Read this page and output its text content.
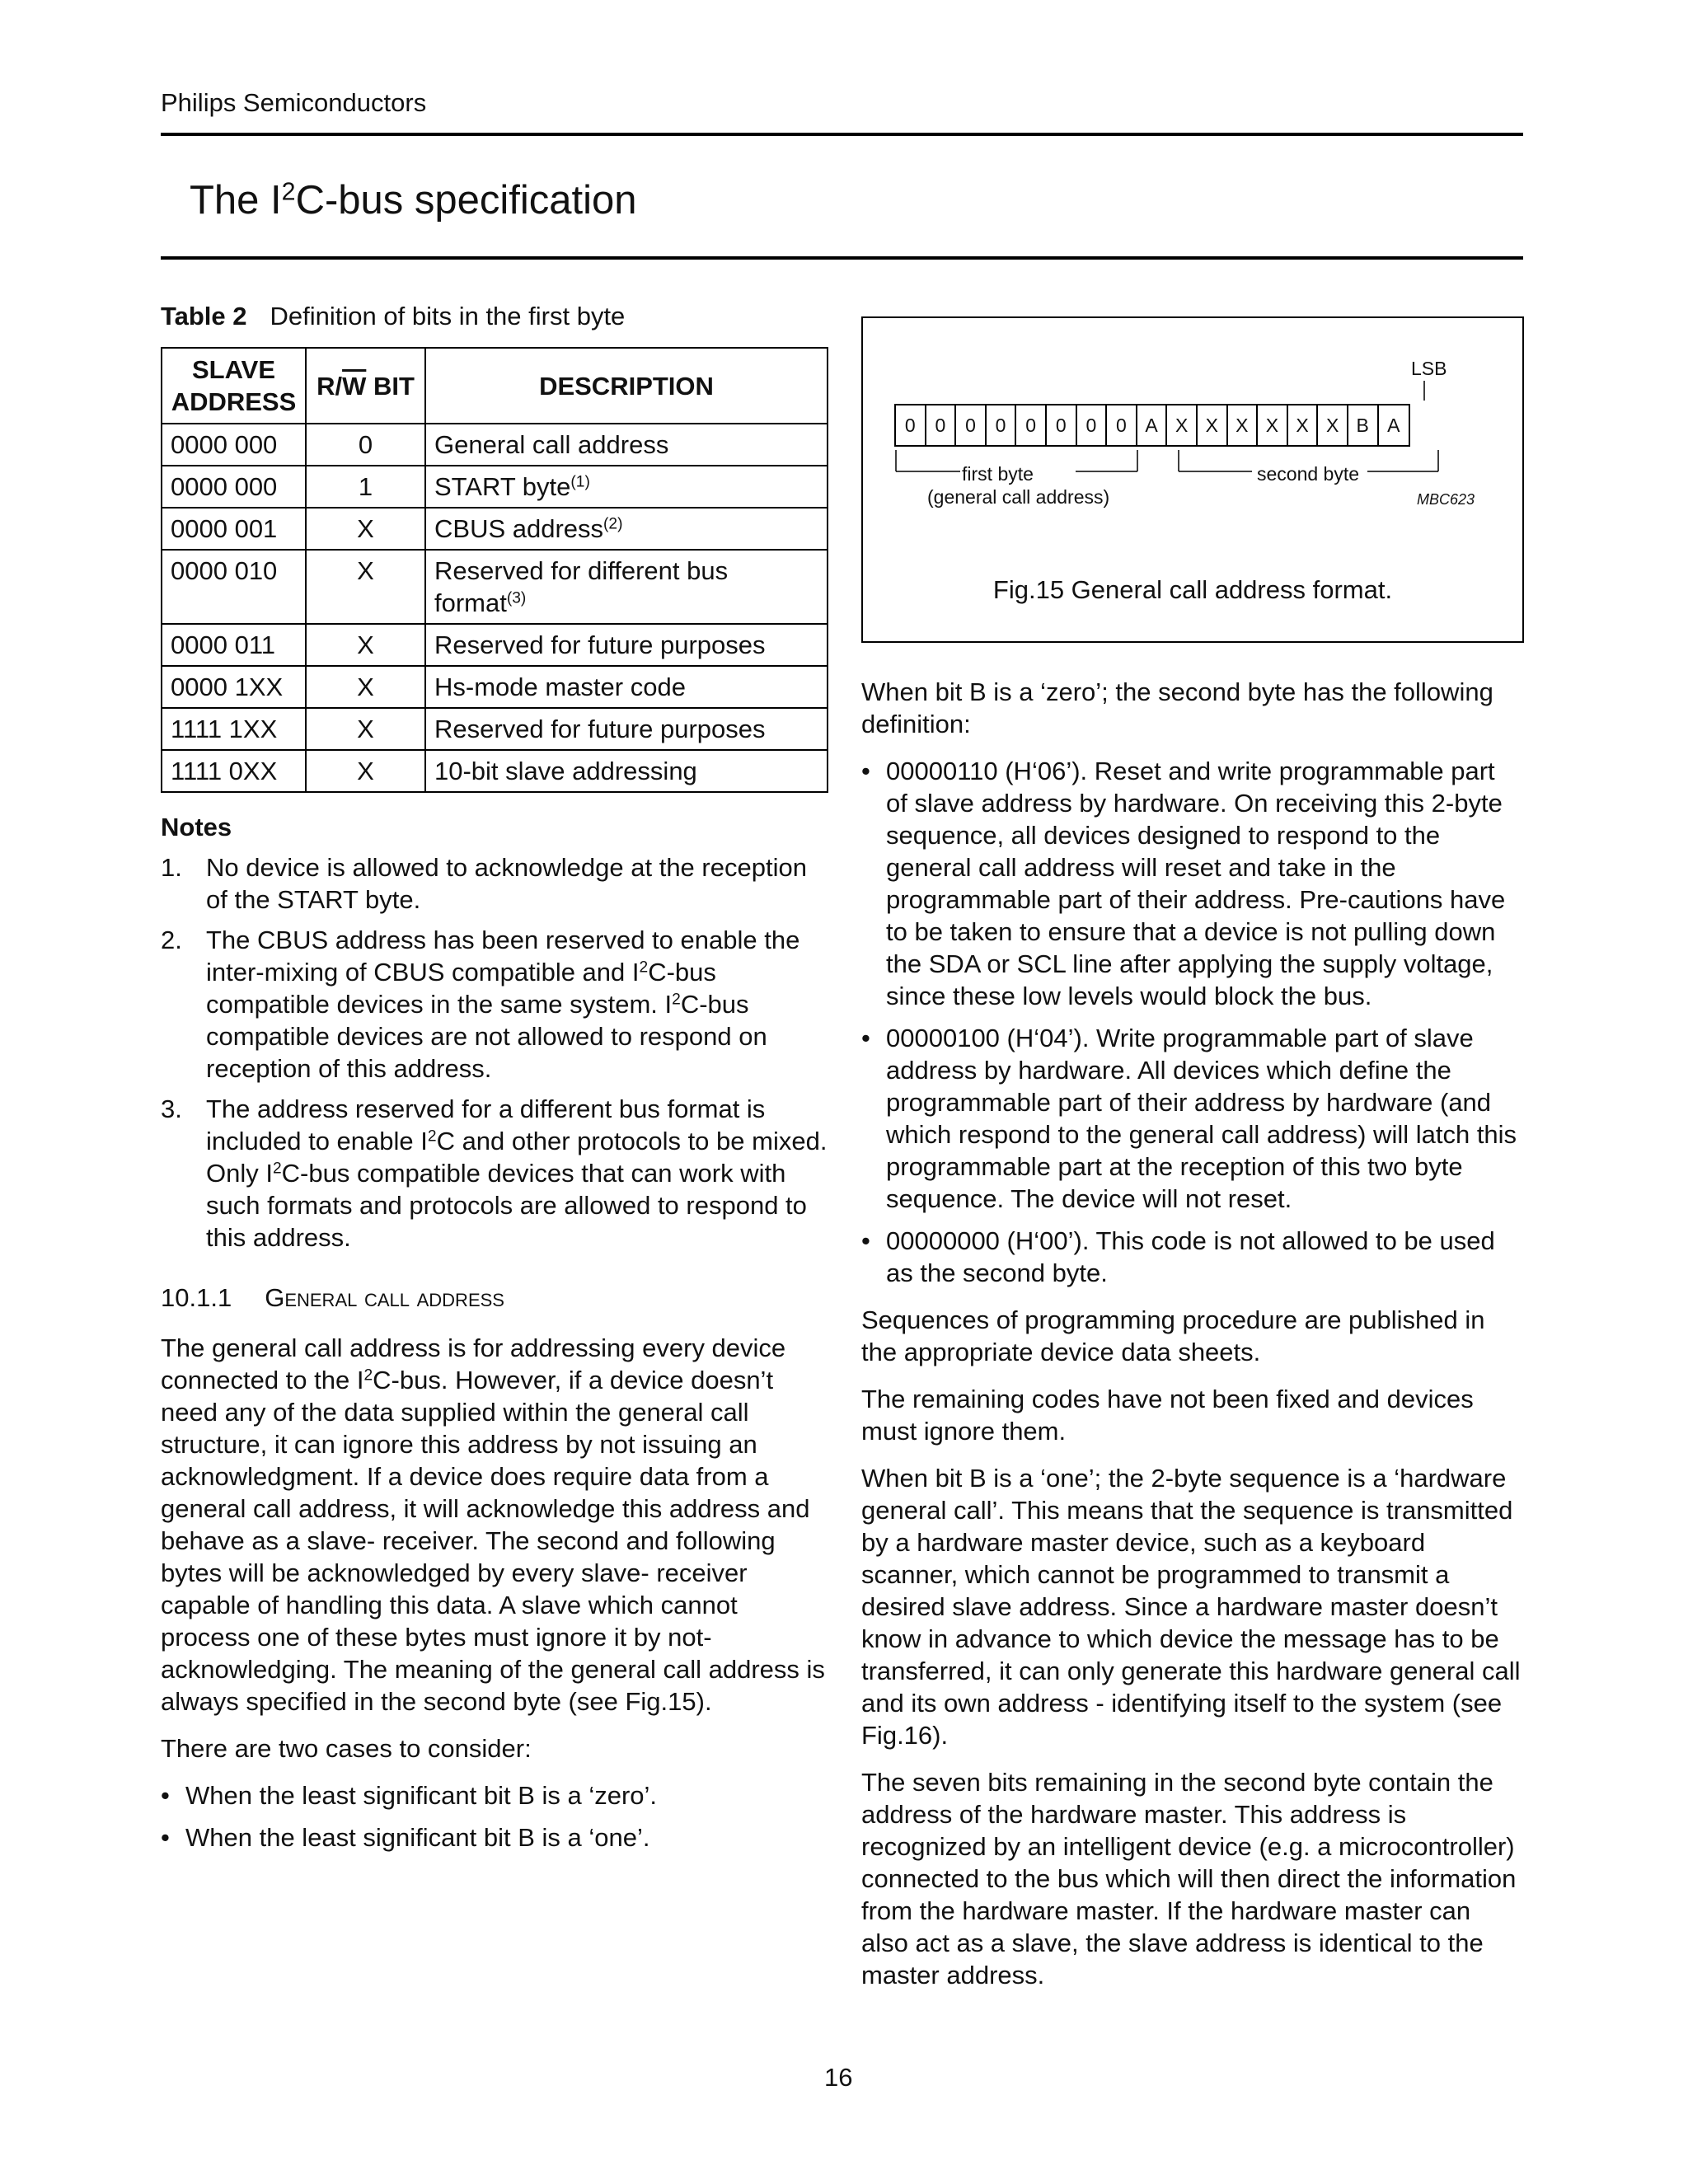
Philips Semiconductors
The $I^2C$-bus specification
Table 2 Definition of bits in the first byte
SLAVE
ADDRESS	$R/\overline{W}$ BIT	DESCRIPTION
0000 000	0	General call address
0000 000	1	START byte$^{(1)}$
0000 001	X	CBUS address$^{(2)}$
0000 010	X	Reserved for different bus format$^{(3)}$
0000 011	X	Reserved for future purposes
0000 1XX	X	Hs-mode master code
1111 1XX	X	Reserved for future purposes
1111 0XX	X	10-bit slave addressing
Notes
1. No device is allowed to acknowledge at the reception of the START byte.
2. The CBUS address has been reserved to enable the inter-mixing of CBUS compatible and $I^2C$-bus compatible devices in the same system. $I^2C$-bus compatible devices are not allowed to respond on reception of this address.
3. The address reserved for a different bus format is included to enable $I^2C$ and other protocols to be mixed. Only $I^2C$-bus compatible devices that can work with such formats and protocols are allowed to respond to this address.
10.1.1 General call address

The general call address is for addressing every device connected to the $I^2C$-bus. However, if a device doesn’t need any of the data supplied within the general call structure, it can ignore this address by not issuing an acknowledgment. If a device does require data from a general call address, it will acknowledge this address and behave as a slave- receiver. The second and following bytes will be acknowledged by every slave- receiver capable of handling this data. A slave which cannot process one of these bytes must ignore it by not-acknowledging. The meaning of the general call address is always specified in the second byte (see Fig.15).

There are two cases to consider:

•
When the least significant bit B is a ‘zero’.
•
When the least significant bit B is a ‘one’.
LSB
0	0	0	0	0	0	0	0 A X X X X X X B A
first byte
(general call address)
second byte
MBC623
Fig.15 General call address format.

When bit B is a ‘zero’; the second byte has the following definition:

•
00000110 (H‘06’). Reset and write programmable part of slave address by hardware. On receiving this 2-byte sequence, all devices designed to respond to the general call address will reset and take in the programmable part of their address. Pre-cautions have to be taken to ensure that a device is not pulling down the SDA or SCL line after applying the supply voltage, since these low levels would block the bus.
•
00000100 (H‘04’). Write programmable part of slave address by hardware. All devices which define the programmable part of their address by hardware (and which respond to the general call address) will latch this programmable part at the reception of this two byte sequence. The device will not reset.
•
00000000 (H‘00’). This code is not allowed to be used as the second byte.

Sequences of programming procedure are published in the appropriate device data sheets.

The remaining codes have not been fixed and devices must ignore them.

When bit B is a ‘one’; the 2-byte sequence is a ‘hardware general call’. This means that the sequence is transmitted by a hardware master device, such as a keyboard scanner, which cannot be programmed to transmit a desired slave address. Since a hardware master doesn’t know in advance to which device the message has to be transferred, it can only generate this hardware general call and its own address - identifying itself to the system (see Fig.16).

The seven bits remaining in the second byte contain the address of the hardware master. This address is recognized by an intelligent device (e.g. a microcontroller) connected to the bus which will then direct the information from the hardware master. If the hardware master can also act as a slave, the slave address is identical to the master address.

16
